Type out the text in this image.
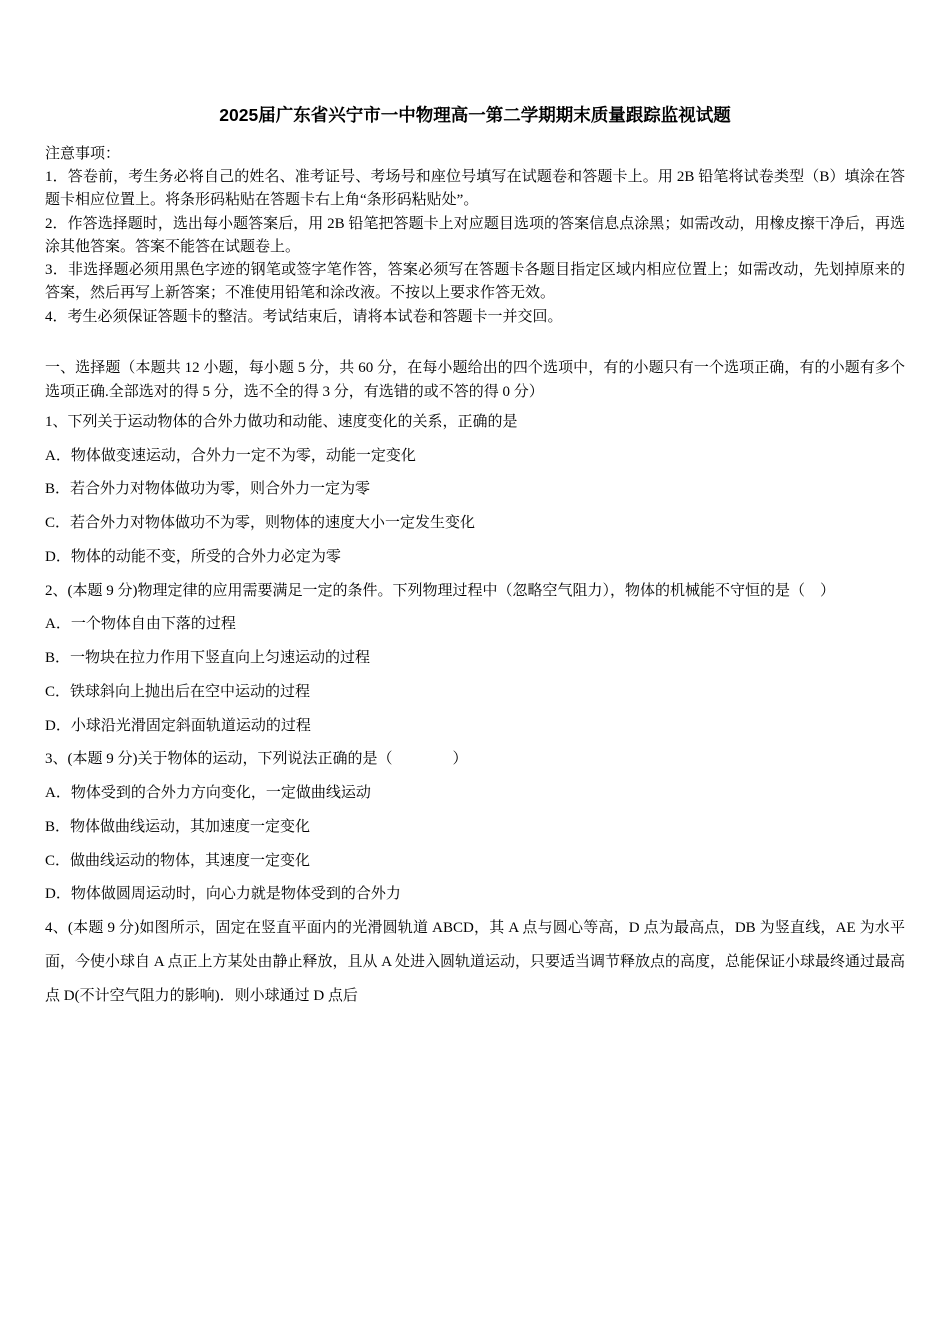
2025届广东省兴宁市一中物理高一第二学期期末质量跟踪监视试题

注意事项：

1．答卷前，考生务必将自己的姓名、准考证号、考场号和座位号填写在试题卷和答题卡上。用 2B 铅笔将试卷类型（B）填涂在答题卡相应位置上。将条形码粘贴在答题卡右上角“条形码粘贴处”。

2．作答选择题时，选出每小题答案后，用 2B 铅笔把答题卡上对应题目选项的答案信息点涂黑；如需改动，用橡皮擦干净后，再选涂其他答案。答案不能答在试题卷上。

3．非选择题必须用黑色字迹的钢笔或签字笔作答，答案必须写在答题卡各题目指定区域内相应位置上；如需改动，先划掉原来的答案，然后再写上新答案；不准使用铅笔和涂改液。不按以上要求作答无效。

4．考生必须保证答题卡的整洁。考试结束后，请将本试卷和答题卡一并交回。

一、选择题（本题共 12 小题，每小题 5 分，共 60 分，在每小题给出的四个选项中，有的小题只有一个选项正确，有的小题有多个选项正确.全部选对的得 5 分，选不全的得 3 分，有选错的或不答的得 0 分）

1、下列关于运动物体的合外力做功和动能、速度变化的关系，正确的是

A．物体做变速运动，合外力一定不为零，动能一定变化

B．若合外力对物体做功为零，则合外力一定为零

C．若合外力对物体做功不为零，则物体的速度大小一定发生变化

D．物体的动能不变，所受的合外力必定为零

2、(本题 9 分)物理定律的应用需要满足一定的条件。下列物理过程中（忽略空气阻力），物体的机械能不守恒的是（　）

A．一个物体自由下落的过程

B．一物块在拉力作用下竖直向上匀速运动的过程

C．铁球斜向上抛出后在空中运动的过程

D．小球沿光滑固定斜面轨道运动的过程

3、(本题 9 分)关于物体的运动，下列说法正确的是（　　　　）

A．物体受到的合外力方向变化，一定做曲线运动

B．物体做曲线运动，其加速度一定变化

C．做曲线运动的物体，其速度一定变化

D．物体做圆周运动时，向心力就是物体受到的合外力

4、(本题 9 分)如图所示，固定在竖直平面内的光滑圆轨道 ABCD，其 A 点与圆心等高，D 点为最高点，DB 为竖直线，AE 为水平面，今使小球自 A 点正上方某处由静止释放，且从 A 处进入圆轨道运动，只要适当调节释放点的高度，总能保证小球最终通过最高点 D(不计空气阻力的影响)．则小球通过 D 点后
